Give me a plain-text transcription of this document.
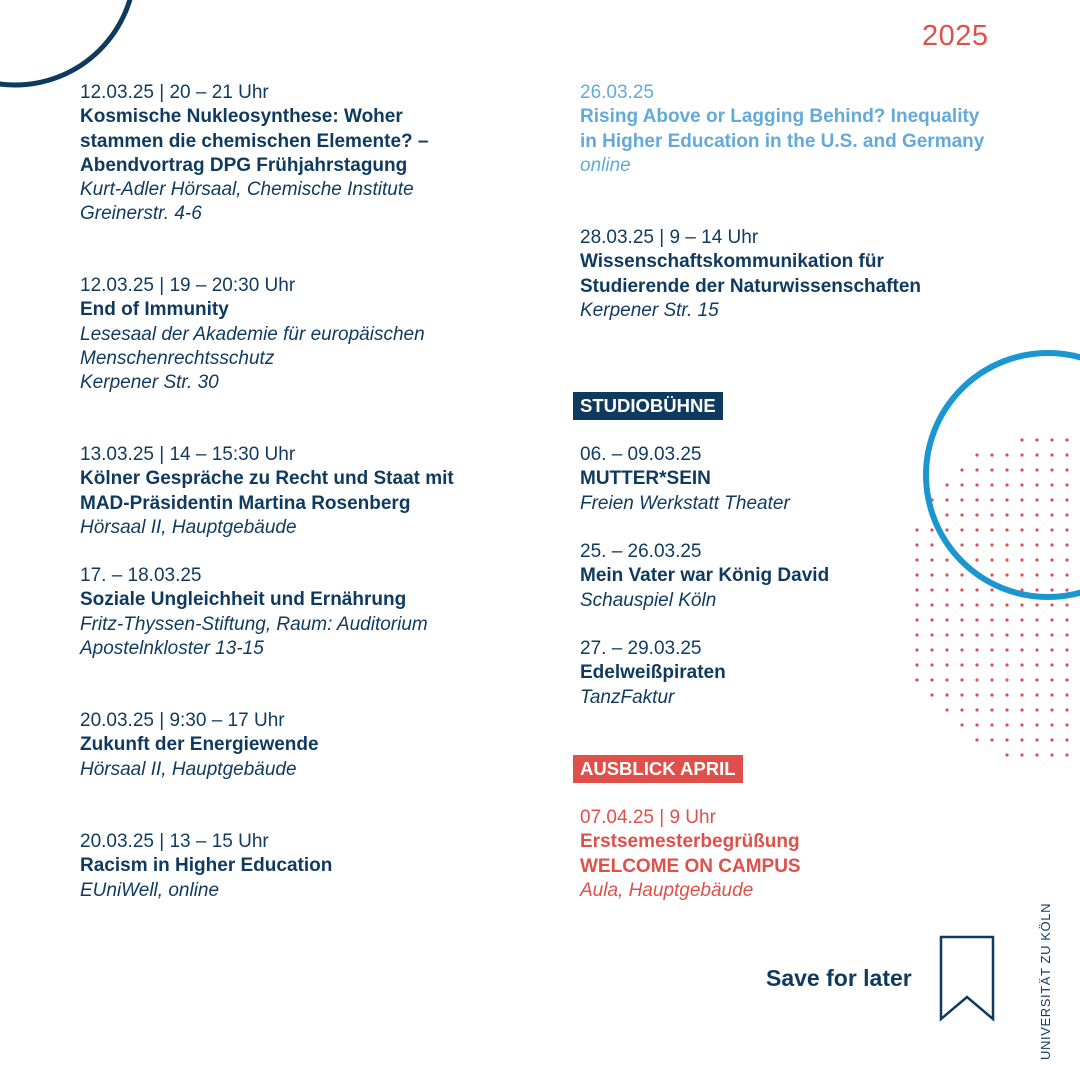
2025
12.03.25 | 20 – 21 Uhr
Kosmische Nukleosynthese: Woher
stammen die chemischen Elemente? –
Abendvortrag DPG Frühjahrstagung
Kurt-Adler Hörsaal, Chemische Institute
Greinerstr. 4-6
12.03.25 | 19 – 20:30 Uhr
End of Immunity
Lesesaal der Akademie für europäischen
Menschenrechtsschutz
Kerpener Str. 30
13.03.25 | 14 – 15:30 Uhr
Kölner Gespräche zu Recht und Staat mit
MAD-Präsidentin Martina Rosenberg
Hörsaal II, Hauptgebäude
17. – 18.03.25
Soziale Ungleichheit und Ernährung
Fritz-Thyssen-Stiftung, Raum: Auditorium
Apostelnkloster 13-15
20.03.25 | 9:30 – 17 Uhr
Zukunft der Energiewende
Hörsaal II, Hauptgebäude
20.03.25 | 13 – 15 Uhr
Racism in Higher Education
EUniWell, online
26.03.25
Rising Above or Lagging Behind? Inequality
in Higher Education in the U.S. and Germany
online
28.03.25 | 9 – 14 Uhr
Wissenschaftskommunikation für
Studierende der Naturwissenschaften
Kerpener Str. 15
STUDIOBÜHNE
06. – 09.03.25
MUTTER*SEIN
Freien Werkstatt Theater
25. – 26.03.25
Mein Vater war König David
Schauspiel Köln
27. – 29.03.25
Edelweißpiraten
TanzFaktur
AUSBLICK APRIL
07.04.25 | 9 Uhr
Erstsemesterbegrüßung
WELCOME ON CAMPUS
Aula, Hauptgebäude
Save for later	UNIVERSITÄT ZU KÖLN
